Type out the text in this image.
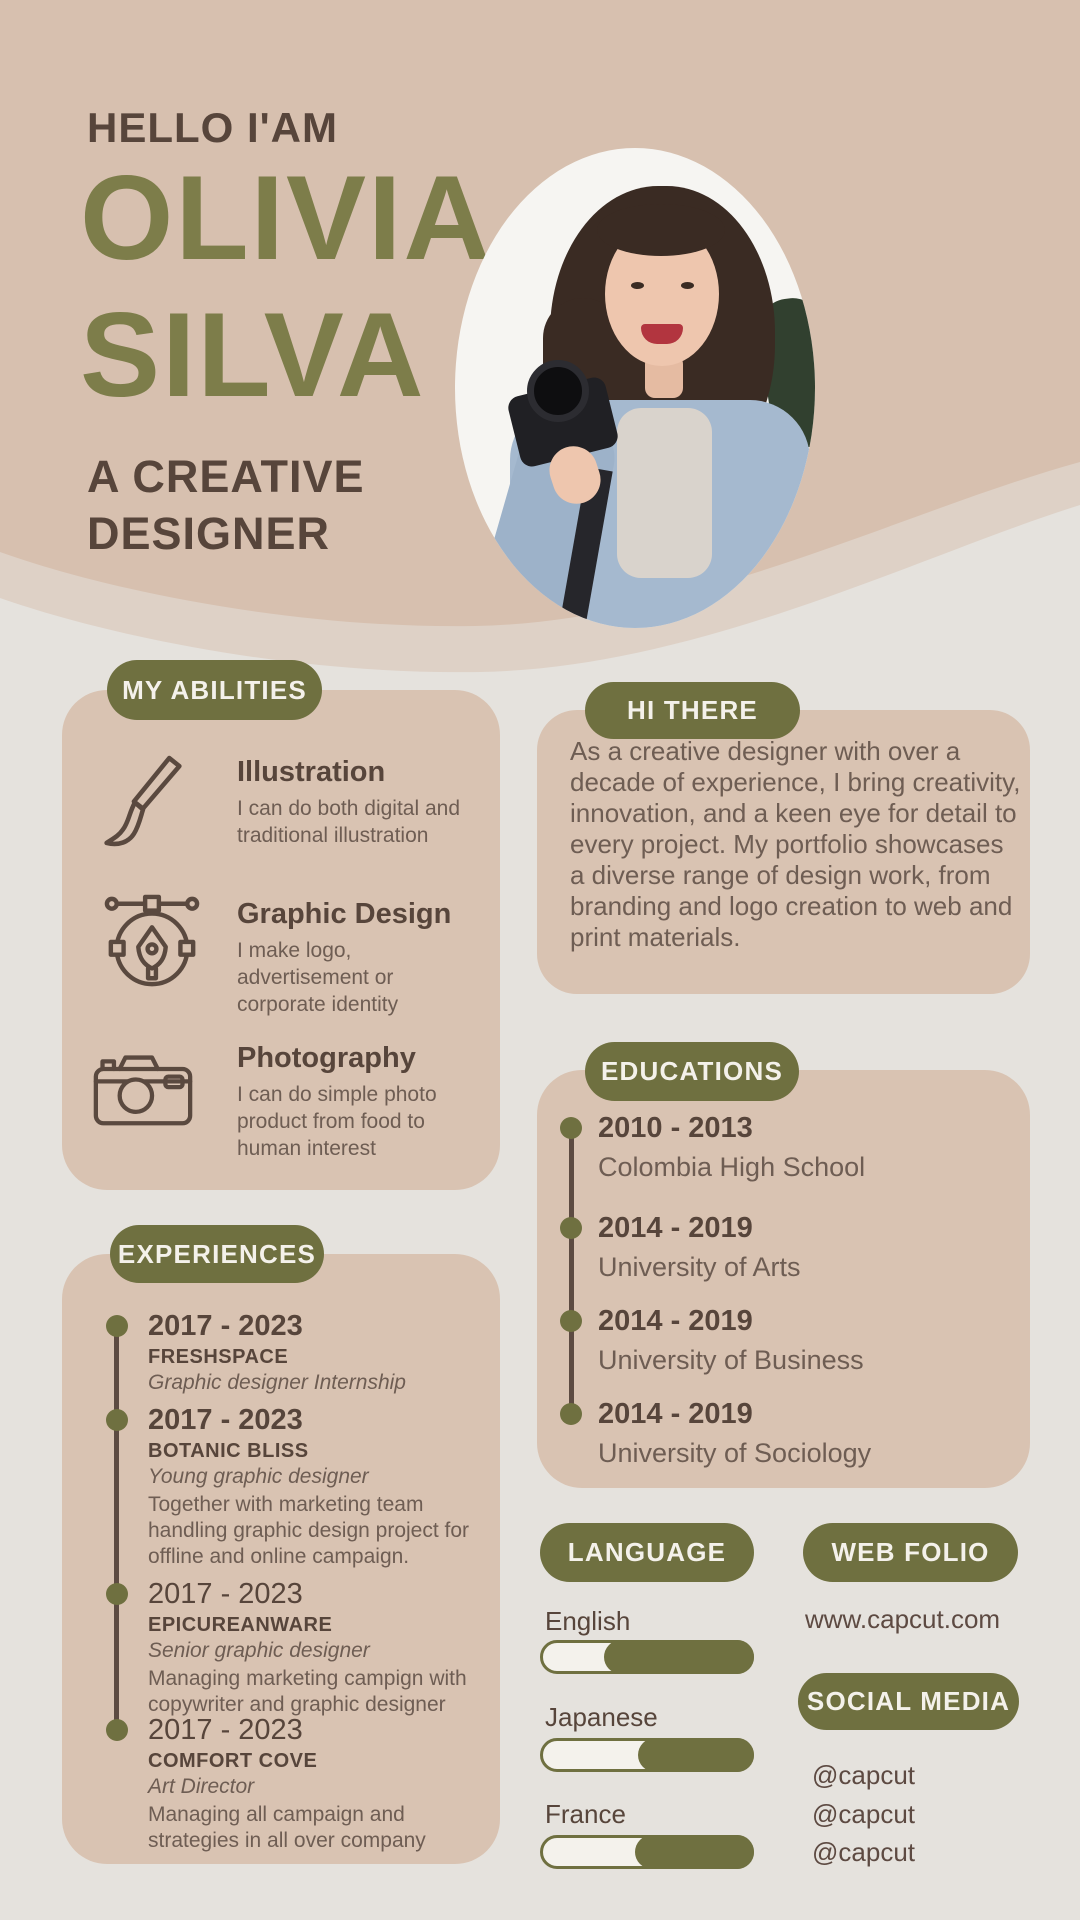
HELLO I'AM
OLIVIA
SILVA
A CREATIVE
DESIGNER
MY ABILITIES
EXPERIENCES
HI THERE
EDUCATIONS
LANGUAGE	WEB FOLIO
SOCIAL MEDIA
Illustration
I can do both digital and traditional illustration
Graphic Design
I make logo, advertisement or corporate identity
Photography
I can do simple photo product from food to human interest
As a creative designer with over a decade of experience, I bring creativity, innovation, and a keen eye for detail to every project. My portfolio showcases a diverse range of design work, from branding and logo creation to web and print materials.
2017 - 2023
FRESHSPACE
Graphic designer Internship
2017 - 2023
BOTANIC BLISS
Young graphic designer
Together with marketing team handling graphic design project for offline and online campaign.
2017 - 2023
EPICUREANWARE
Senior graphic designer
Managing marketing campign with copywriter and graphic designer
2017 - 2023
COMFORT COVE
Art Director
Managing all campaign and strategies in all over company
2010 - 2013
Colombia High School
2014 - 2019
University of Arts
2014 - 2019
University of Business
2014 - 2019
University of Sociology
English
Japanese
France
www.capcut.com
@capcut
@capcut
@capcut
